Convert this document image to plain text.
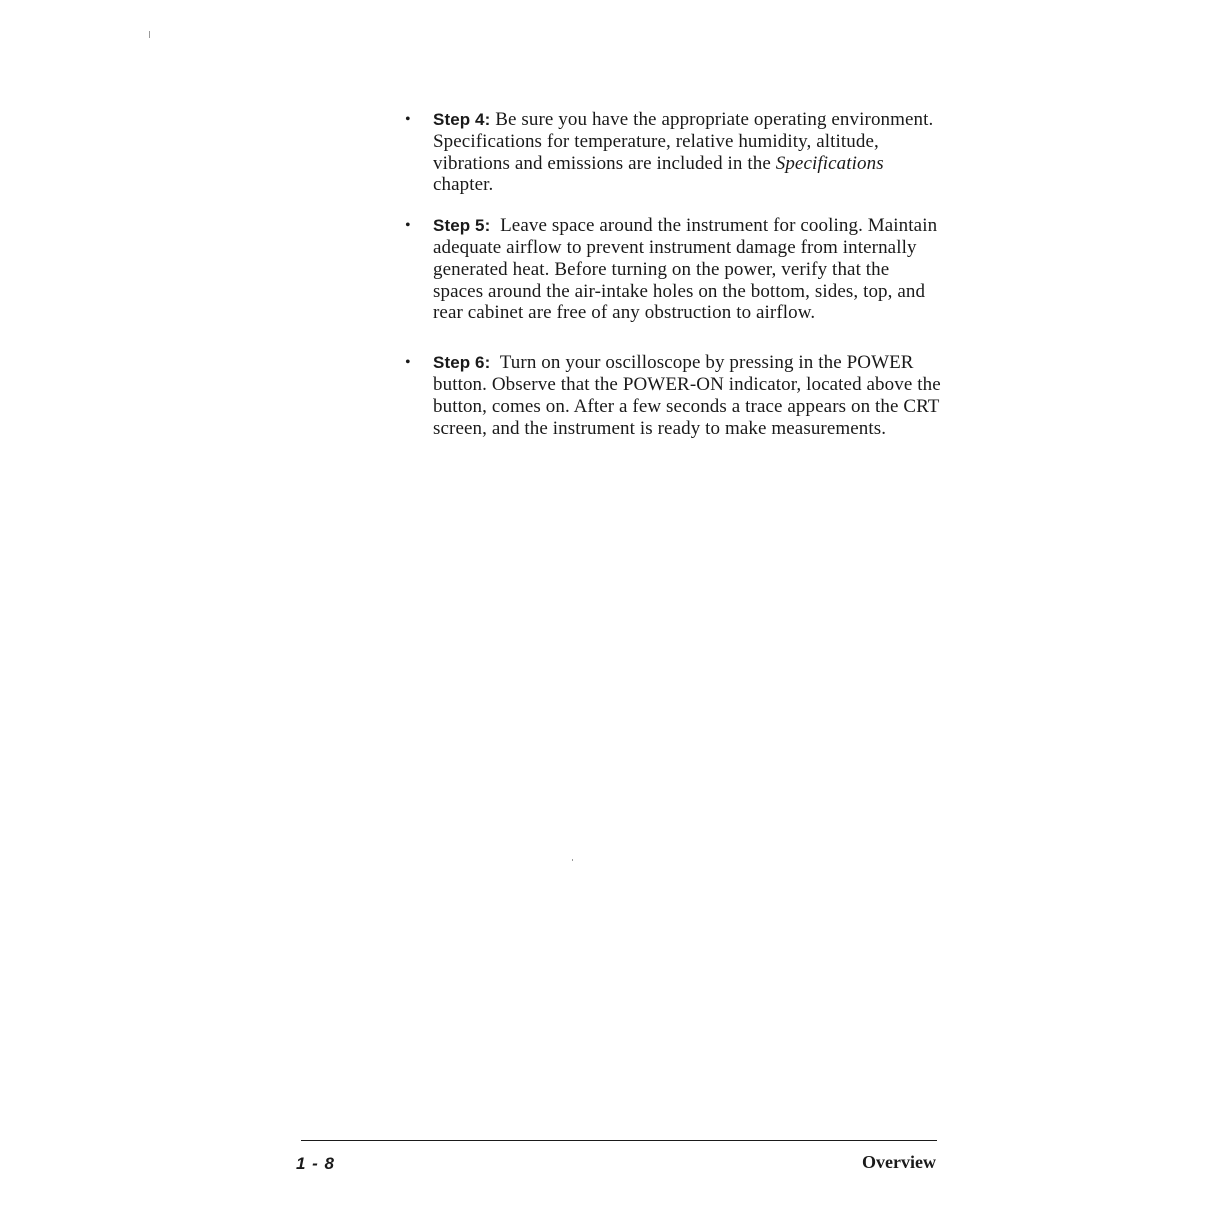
• Step 4: Be sure you have the appropriate operating environment. Specifications for temperature, relative humidity, altitude, vibrations and emissions are included in the Specifications chapter.
• Step 5: Leave space around the instrument for cooling. Maintain adequate airflow to prevent instrument damage from internally generated heat. Before turning on the power, verify that the spaces around the air-intake holes on the bottom, sides, top, and rear cabinet are free of any obstruction to airflow.
• Step 6: Turn on your oscilloscope by pressing in the POWER button. Observe that the POWER-ON indicator, located above the button, comes on. After a few seconds a trace appears on the CRT screen, and the instrument is ready to make measurements.
1 - 8	Overview
